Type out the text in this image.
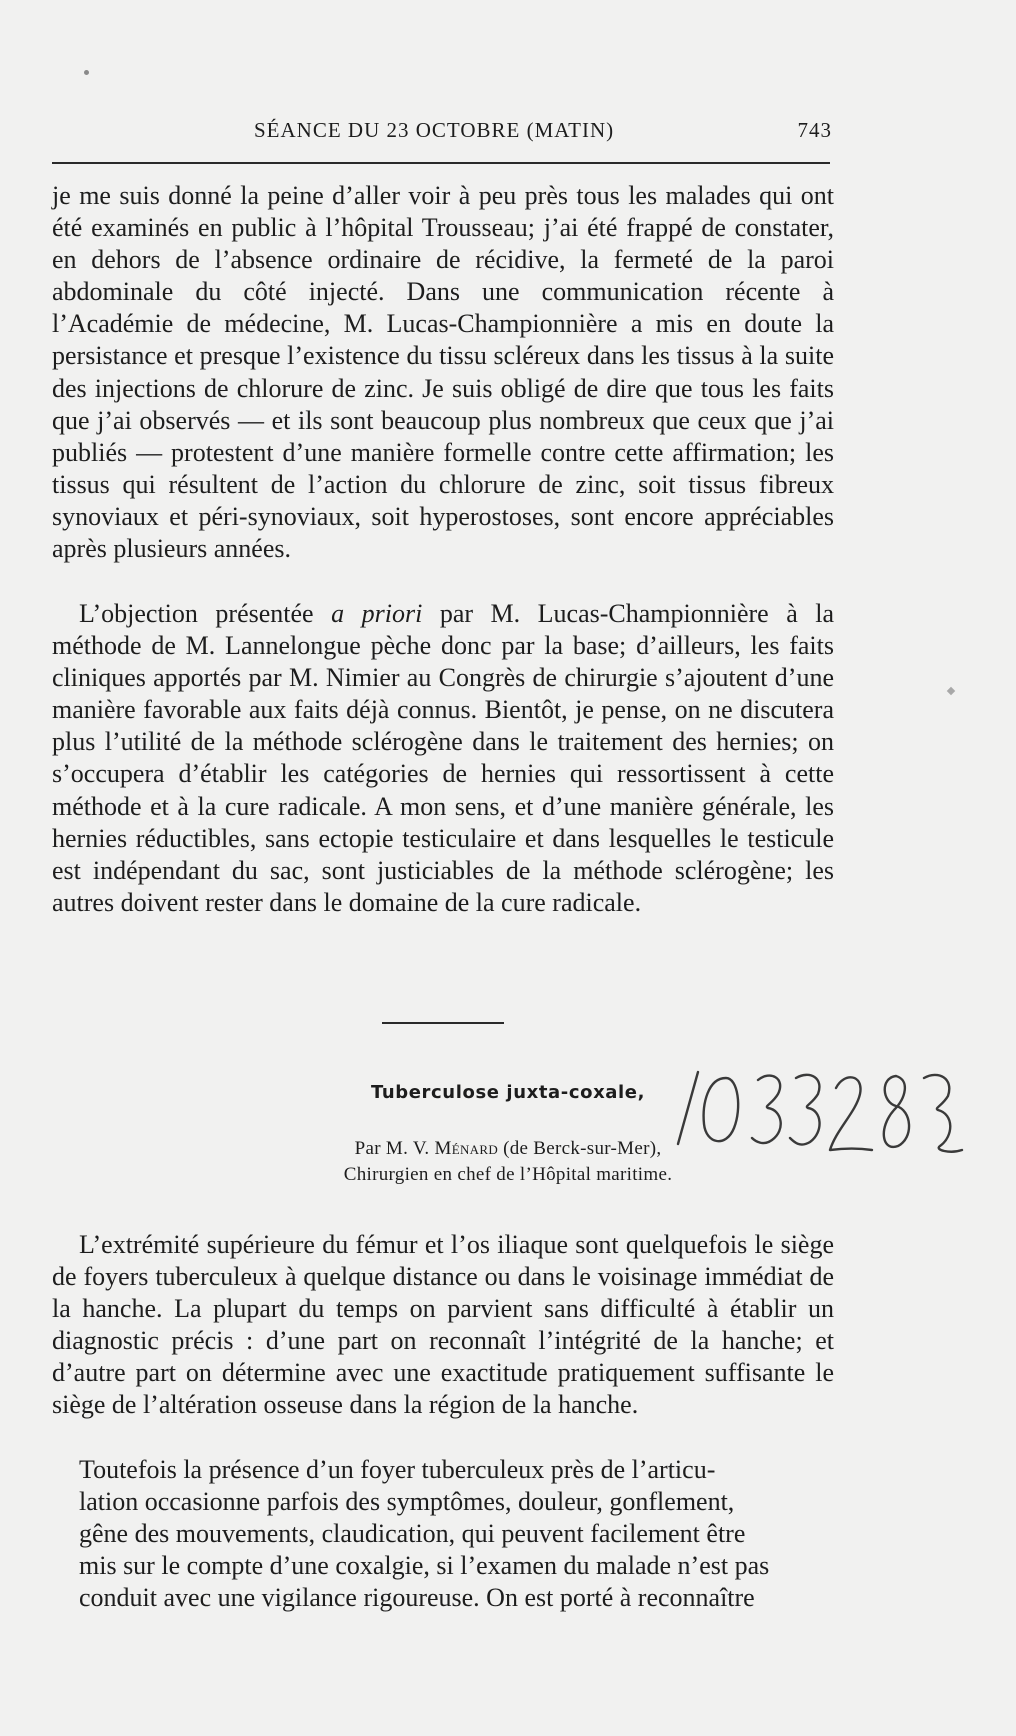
SÉANCE DU 23 OCTOBRE (MATIN)	743

je me suis donné la peine d’aller voir à peu près tous les malades qui ont été examinés en public à l’hôpital Trousseau; j’ai été frappé de constater, en dehors de l’absence ordinaire de récidive, la fermeté de la paroi abdominale du côté injecté. Dans une communication récente à l’Académie de médecine, M. Lucas-Championnière a mis en doute la persistance et presque l’existence du tissu scléreux dans les tissus à la suite des injections de chlorure de zinc. Je suis obligé de dire que tous les faits que j’ai observés — et ils sont beaucoup plus nombreux que ceux que j’ai publiés — protestent d’une manière formelle contre cette affirmation; les tissus qui résultent de l’action du chlorure de zinc, soit tissus fibreux synoviaux et péri-synoviaux, soit hyperostoses, sont encore appréciables après plusieurs années.

L’objection présentée a priori par M. Lucas-Championnière à la méthode de M. Lannelongue pèche donc par la base; d’ailleurs, les faits cliniques apportés par M. Nimier au Congrès de chirurgie s’ajoutent d’une manière favorable aux faits déjà connus. Bientôt, je pense, on ne discutera plus l’utilité de la méthode sclérogène dans le traitement des hernies; on s’occupera d’établir les catégories de hernies qui ressortissent à cette méthode et à la cure radicale. A mon sens, et d’une manière générale, les hernies réductibles, sans ectopie testiculaire et dans lesquelles le testicule est indépendant du sac, sont justiciables de la méthode sclérogène; les autres doivent rester dans le domaine de la cure radicale.

Tuberculose juxta-coxale,
Par M. V. Ménard (de Berck-sur-Mer),
Chirurgien en chef de l’Hôpital maritime.

L’extrémité supérieure du fémur et l’os iliaque sont quelquefois le siège de foyers tuberculeux à quelque distance ou dans le voisinage immédiat de la hanche. La plupart du temps on parvient sans difficulté à établir un diagnostic précis : d’une part on reconnaît l’intégrité de la hanche; et d’autre part on détermine avec une exactitude pratiquement suffisante le siège de l’altération osseuse dans la région de la hanche.

Toutefois la présence d’un foyer tuberculeux près de l’articu-
lation occasionne parfois des symptômes, douleur, gonflement,
gêne des mouvements, claudication, qui peuvent facilement être
mis sur le compte d’une coxalgie, si l’examen du malade n’est pas
conduit avec une vigilance rigoureuse. On est porté à reconnaître
